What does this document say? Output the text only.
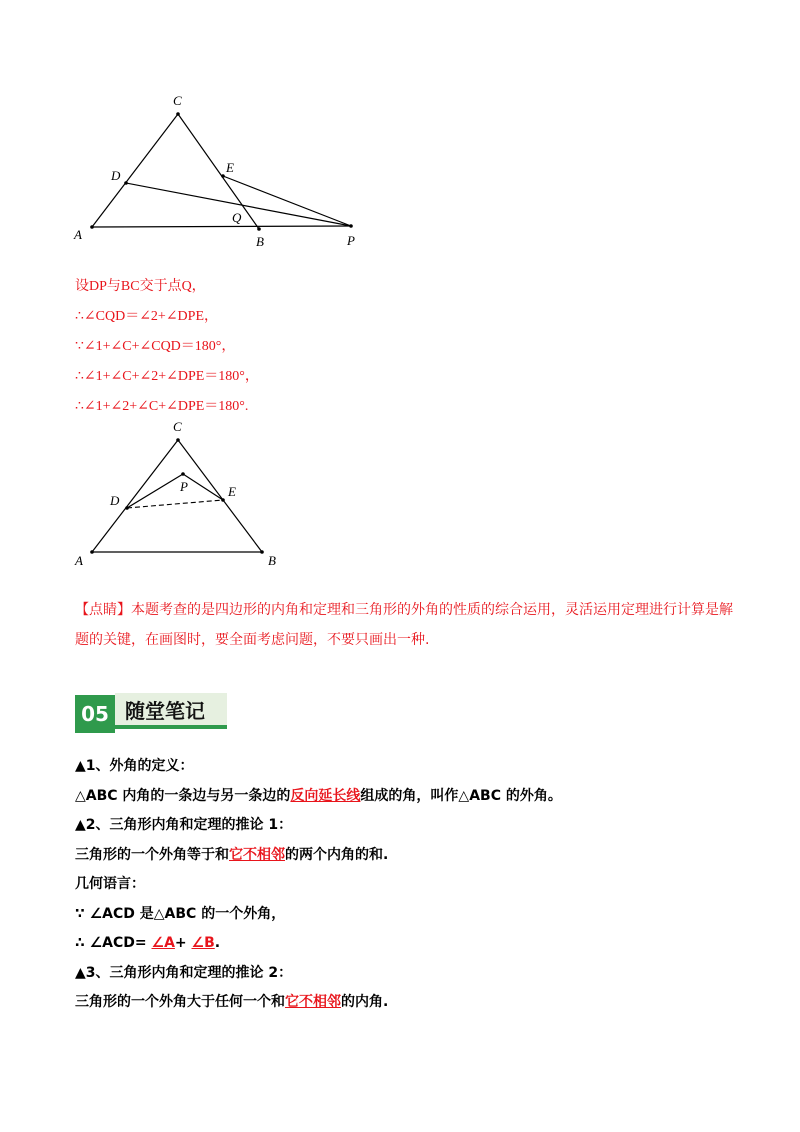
C
D
E
Q
A	B	P
设DP与BC交于点Q，
∴∠CQD＝∠2+∠DPE，
∵∠1+∠C+∠CQD＝180°，
∴∠1+∠C+∠2+∠DPE＝180°，
∴∠1+∠2+∠C+∠DPE＝180°.
C
P
D
E
A	B
【点睛】本题考查的是四边形的内角和定理和三角形的外角的性质的综合运用，灵活运用定理进行计算是解题的关键，在画图时，要全面考虑问题，不要只画出一种.
05 随堂笔记
▲1、外角的定义：
△ABC 内角的一条边与另一条边的反向延长线组成的角，叫作△ABC 的外角。
▲2、三角形内角和定理的推论 1：
三角形的一个外角等于和它不相邻的两个内角的和.
几何语言：
∵ ∠ACD 是△ABC 的一个外角，
∴ ∠ACD= ∠A+ ∠B.
▲3、三角形内角和定理的推论 2：
三角形的一个外角大于任何一个和它不相邻的内角.
